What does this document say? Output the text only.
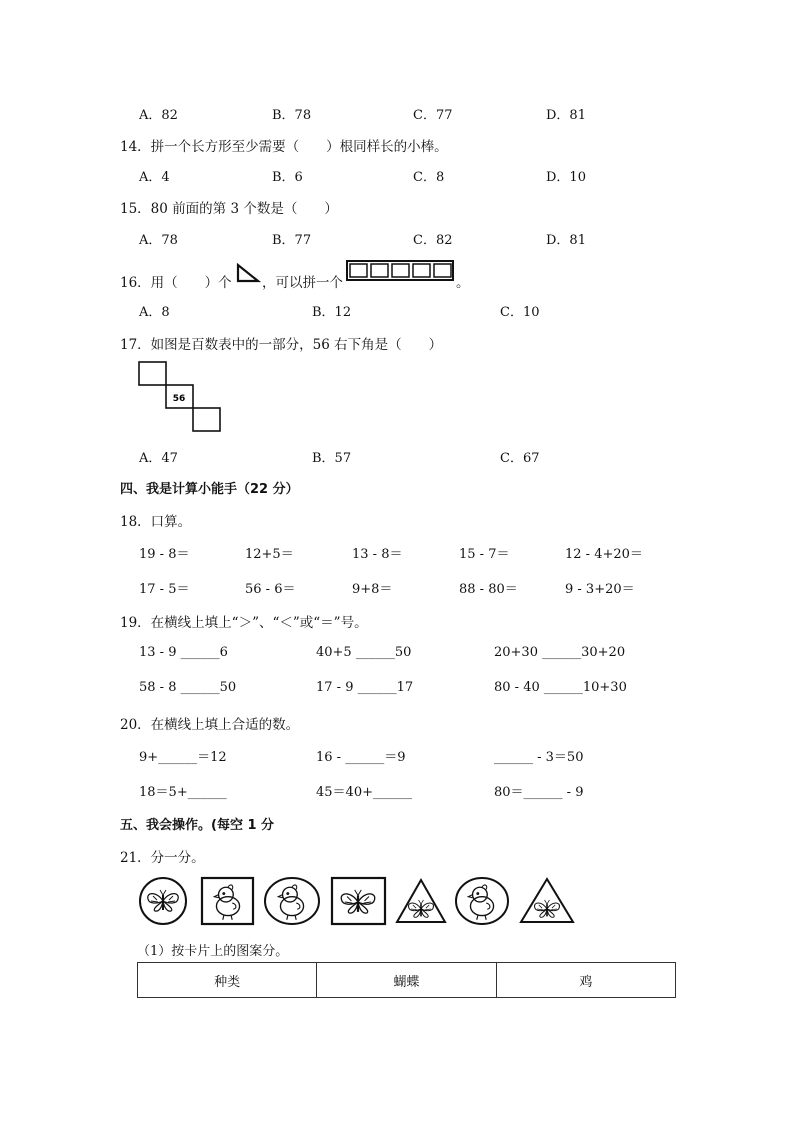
A．82	B．78	C．77	D．81
14．拼一个长方形至少需要（　　）根同样长的小棒。
A．4	B．6	C．8	D．10
15．80 前面的第 3 个数是（　　）
A．78	B．77	C．82	D．81
16．用（　　）个 ，可以拼一个	。
A．8	B．12	C．10
17．如图是百数表中的一部分，56 右下角是（　　）
56
A．47	B．57	C．67
四、我是计算小能手（22 分）
18．口算。
19 - 8＝	12+5＝	13 - 8＝	15 - 7＝	12 - 4+20＝
17 - 5＝	56 - 6＝	9+8＝	88 - 80＝	9 - 3+20＝
19．在横线上填上“＞”、“＜”或“＝”号。
13 - 9 ______6	40+5 ______50	20+30 ______30+20
58 - 8 ______50	17 - 9 ______17	80 - 40 ______10+30
20．在横线上填上合适的数。
9+______＝12	16 - ______＝9	______ - 3＝50
18＝5+______	45＝40+______	80＝______ - 9
五、我会操作。(每空 1 分
21．分一分。
（1）按卡片上的图案分。
种类	蝴蝶	鸡
